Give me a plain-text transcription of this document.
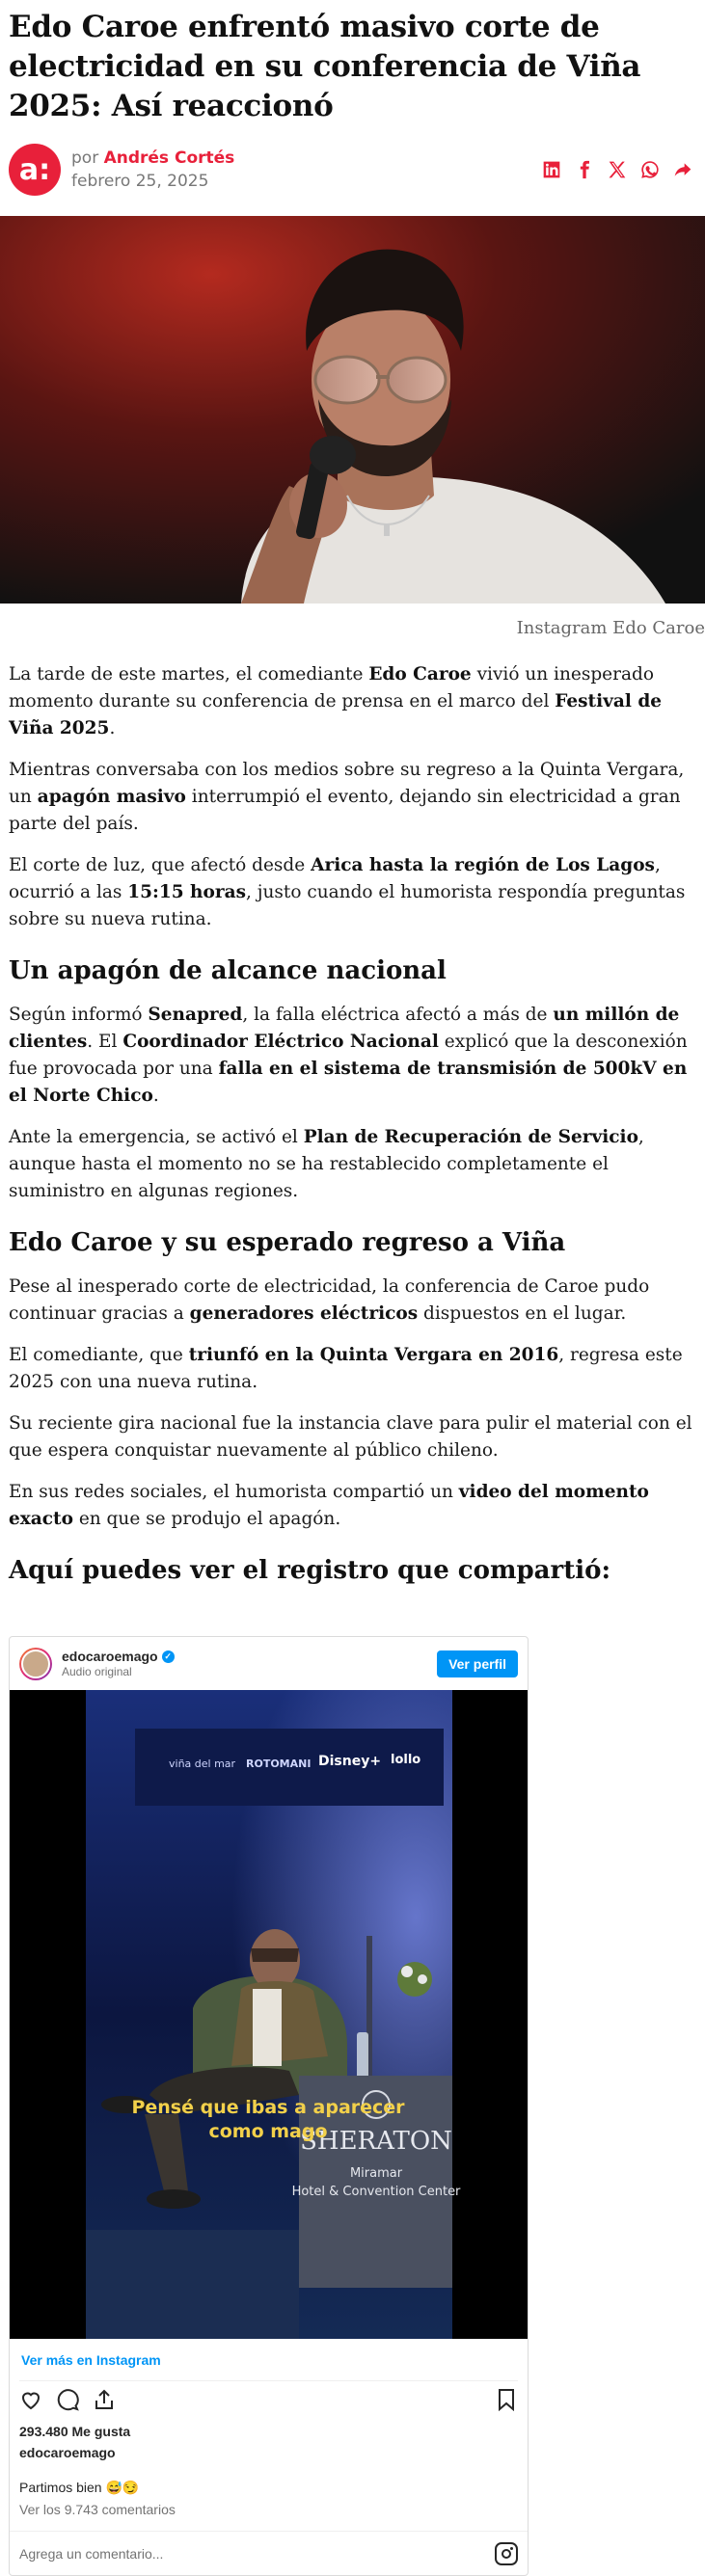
Edo Caroe enfrentó masivo corte de electricidad en su conferencia de Viña 2025: Así reaccionó
a:	por Andrés Cortés
febrero 25, 2025
Instagram Edo Caroe

La tarde de este martes, el comediante Edo Caroe vivió un inesperado momento durante su conferencia de prensa en el marco del Festival de Viña 2025.

Mientras conversaba con los medios sobre su regreso a la Quinta Vergara, un apagón masivo interrumpió el evento, dejando sin electricidad a gran parte del país.

El corte de luz, que afectó desde Arica hasta la región de Los Lagos, ocurrió a las 15:15 horas, justo cuando el humorista respondía preguntas sobre su nueva rutina.

Un apagón de alcance nacional

Según informó Senapred, la falla eléctrica afectó a más de un millón de clientes. El Coordinador Eléctrico Nacional explicó que la desconexión fue provocada por una falla en el sistema de transmisión de 500kV en el Norte Chico.

Ante la emergencia, se activó el Plan de Recuperación de Servicio, aunque hasta el momento no se ha restablecido completamente el suministro en algunas regiones.

Edo Caroe y su esperado regreso a Viña

Pese al inesperado corte de electricidad, la conferencia de Caroe pudo continuar gracias a generadores eléctricos dispuestos en el lugar.

El comediante, que triunfó en la Quinta Vergara en 2016, regresa este 2025 con una nueva rutina.

Su reciente gira nacional fue la instancia clave para pulir el material con el que espera conquistar nuevamente al público chileno.

En sus redes sociales, el humorista compartió un video del momento exacto en que se produjo el apagón.

Aquí puedes ver el registro que compartió:
edocaroemago ✓
Audio original
Ver perfil
viña del mar ROTOMANI Disney+ lollo
SHERATON
Miramar
Hotel & Convention Center
Pensé que ibas a aparecer
como mago
Ver más en Instagram
293.480 Me gusta
edocaroemago
Partimos bien 😅😏
Ver los 9.743 comentarios
Agrega un comentario...
